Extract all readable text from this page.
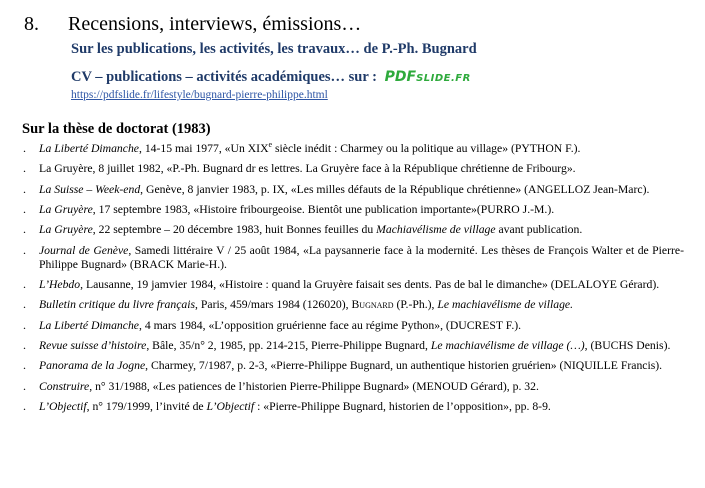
8. Recensions, interviews, émissions…
Sur les publications, les activités, les travaux… de P.-Ph. Bugnard
CV – publications – activités académiques… sur : PDFSLIDE.FR
https://pdfslide.fr/lifestyle/bugnard-pierre-philippe.html
Sur la thèse de doctorat (1983)
. La Liberté Dimanche, 14-15 mai 1977, «Un XIXe siècle inédit : Charmey ou la politique au village» (PYTHON F.).
. La Gruyère, 8 juillet 1982, «P.-Ph. Bugnard dr es lettres. La Gruyère face à la République chrétienne de Fribourg».
. La Suisse – Week-end, Genève, 8 janvier 1983, p. IX, «Les milles défauts de la République chrétienne» (ANGELLOZ Jean-Marc).
. La Gruyère, 17 septembre 1983, «Histoire fribourgeoise. Bientôt une publication importante»(PURRO J.-M.).
. La Gruyère, 22 septembre – 20 décembre 1983, huit Bonnes feuilles du Machiavélisme de village avant publication.
. Journal de Genève, Samedi littéraire V / 25 août 1984, «La paysannerie face à la modernité. Les thèses de François Walter et de Pierre-Philippe Bugnard» (BRACK Marie-H.).
. L’Hebdo, Lausanne, 19 jamvier 1984, «Histoire : quand la Gruyère faisait ses dents. Pas de bal le dimanche» (DELALOYE Gérard).
. Bulletin critique du livre français, Paris, 459/mars 1984 (126020), Bugnard (P.-Ph.), Le machiavélisme de village.
. La Liberté Dimanche, 4 mars 1984, «L’opposition gruérienne face au régime Python», (DUCREST F.).
. Revue suisse d’histoire, Bâle, 35/n° 2, 1985, pp. 214-215, Pierre-Philippe Bugnard, Le machiavélisme de village (…), (BUCHS Denis).
. Panorama de la Jogne, Charmey, 7/1987, p. 2-3, «Pierre-Philippe Bugnard, un authentique historien gruérien» (NIQUILLE Francis).
. Construire, n° 31/1988, «Les patiences de l’historien Pierre-Philippe Bugnard» (MENOUD Gérard), p. 32.
. L’Objectif, n° 179/1999, l’invité de L’Objectif : «Pierre-Philippe Bugnard, historien de l’opposition», pp. 8-9.
